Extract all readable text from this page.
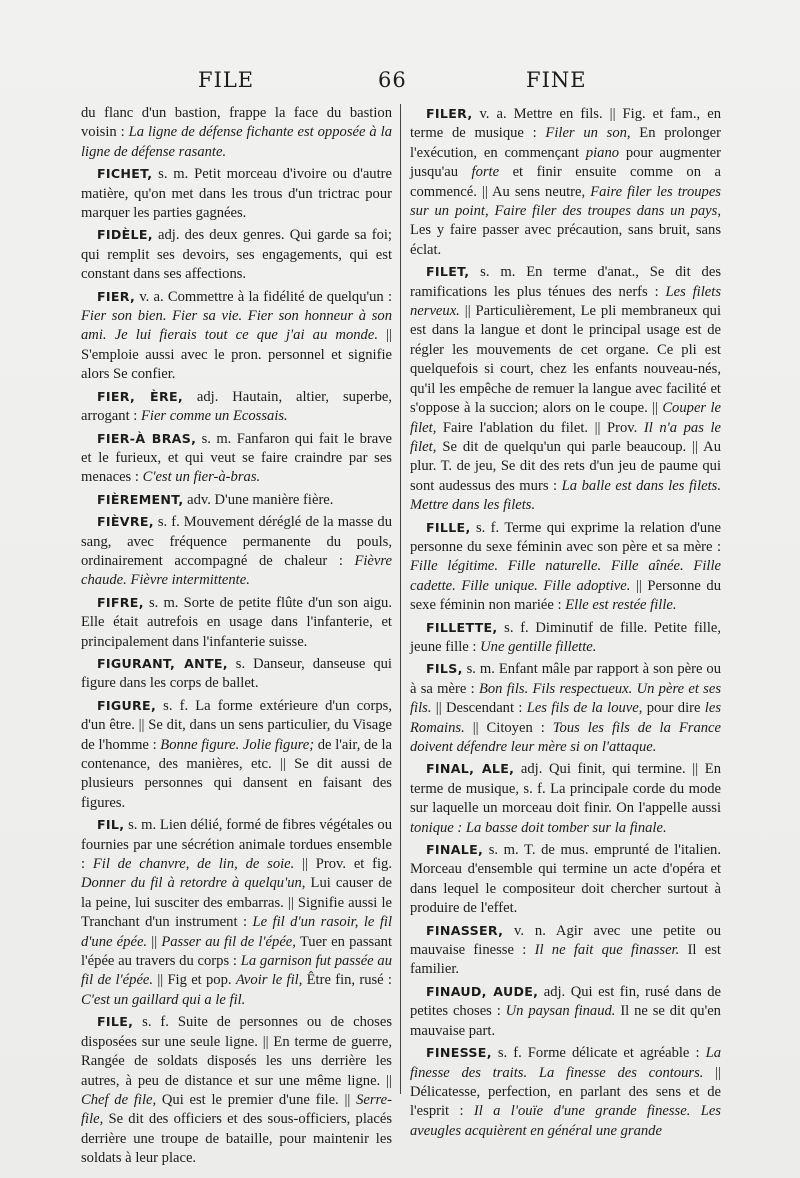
FILE	66	FINE

du flanc d'un bastion, frappe la face du bastion voisin : La ligne de défense fichante est opposée à la ligne de défense rasante.

FICHET, s. m. Petit morceau d'ivoire ou d'autre matière, qu'on met dans les trous d'un trictrac pour marquer les parties gagnées.

FIDÈLE, adj. des deux genres. Qui garde sa foi; qui remplit ses devoirs, ses engagements, qui est constant dans ses affections.

FIER, v. a. Commettre à la fidélité de quelqu'un : Fier son bien. Fier sa vie. Fier son honneur à son ami. Je lui fierais tout ce que j'ai au monde. || S'emploie aussi avec le pron. personnel et signifie alors Se confier.

FIER, ÈRE, adj. Hautain, altier, superbe, arrogant : Fier comme un Ecossais.

FIER-À BRAS, s. m. Fanfaron qui fait le brave et le furieux, et qui veut se faire craindre par ses menaces : C'est un fier-à-bras.

FIÈREMENT, adv. D'une manière fière.

FIÈVRE, s. f. Mouvement déréglé de la masse du sang, avec fréquence permanente du pouls, ordinairement accompagné de chaleur : Fièvre chaude. Fièvre intermittente.

FIFRE, s. m. Sorte de petite flûte d'un son aigu. Elle était autrefois en usage dans l'infanterie, et principalement dans l'infanterie suisse.

FIGURANT, ANTE, s. Danseur, danseuse qui figure dans les corps de ballet.

FIGURE, s. f. La forme extérieure d'un corps, d'un être. || Se dit, dans un sens particulier, du Visage de l'homme : Bonne figure. Jolie figure; de l'air, de la contenance, des manières, etc. || Se dit aussi de plusieurs personnes qui dansent en faisant des figures.

FIL, s. m. Lien délié, formé de fibres végétales ou fournies par une sécrétion animale tordues ensemble : Fil de chanvre, de lin, de soie. || Prov. et fig. Donner du fil à retordre à quelqu'un, Lui causer de la peine, lui susciter des embarras. || Signifie aussi le Tranchant d'un instrument : Le fil d'un rasoir, le fil d'une épée. || Passer au fil de l'épée, Tuer en passant l'épée au travers du corps : La garnison fut passée au fil de l'épée. || Fig et pop. Avoir le fil, Être fin, rusé : C'est un gaillard qui a le fil.

FILE, s. f. Suite de personnes ou de choses disposées sur une seule ligne. || En terme de guerre, Rangée de soldats disposés les uns derrière les autres, à peu de distance et sur une même ligne. || Chef de file, Qui est le premier d'une file. || Serre-file, Se dit des officiers et des sous-officiers, placés derrière une troupe de bataille, pour maintenir les soldats à leur place.

FILER, v. a. Mettre en fils. || Fig. et fam., en terme de musique : Filer un son, En prolonger l'exécution, en commençant piano pour augmenter jusqu'au forte et finir ensuite comme on a commencé. || Au sens neutre, Faire filer les troupes sur un point, Faire filer des troupes dans un pays, Les y faire passer avec précaution, sans bruit, sans éclat.

FILET, s. m. En terme d'anat., Se dit des ramifications les plus ténues des nerfs : Les filets nerveux. || Particulièrement, Le pli membraneux qui est dans la langue et dont le principal usage est de régler les mouvements de cet organe. Ce pli est quelquefois si court, chez les enfants nouveau-nés, qu'il les empêche de remuer la langue avec facilité et s'oppose à la succion; alors on le coupe. || Couper le filet, Faire l'ablation du filet. || Prov. Il n'a pas le filet, Se dit de quelqu'un qui parle beaucoup. || Au plur. T. de jeu, Se dit des rets d'un jeu de paume qui sont audessus des murs : La balle est dans les filets. Mettre dans les filets.

FILLE, s. f. Terme qui exprime la relation d'une personne du sexe féminin avec son père et sa mère : Fille légitime. Fille naturelle. Fille aînée. Fille cadette. Fille unique. Fille adoptive. || Personne du sexe féminin non mariée : Elle est restée fille.

FILLETTE, s. f. Diminutif de fille. Petite fille, jeune fille : Une gentille fillette.

FILS, s. m. Enfant mâle par rapport à son père ou à sa mère : Bon fils. Fils respectueux. Un père et ses fils. || Descendant : Les fils de la louve, pour dire les Romains. || Citoyen : Tous les fils de la France doivent défendre leur mère si on l'attaque.

FINAL, ALE, adj. Qui finit, qui termine. || En terme de musique, s. f. La principale corde du mode sur laquelle un morceau doit finir. On l'appelle aussi tonique : La basse doit tomber sur la finale.

FINALE, s. m. T. de mus. emprunté de l'italien. Morceau d'ensemble qui termine un acte d'opéra et dans lequel le compositeur doit chercher surtout à produire de l'effet.

FINASSER, v. n. Agir avec une petite ou mauvaise finesse : Il ne fait que finasser. Il est familier.

FINAUD, AUDE, adj. Qui est fin, rusé dans de petites choses : Un paysan finaud. Il ne se dit qu'en mauvaise part.

FINESSE, s. f. Forme délicate et agréable : La finesse des traits. La finesse des contours. || Délicatesse, perfection, en parlant des sens et de l'esprit : Il a l'ouïe d'une grande finesse. Les aveugles acquièrent en général une grande
